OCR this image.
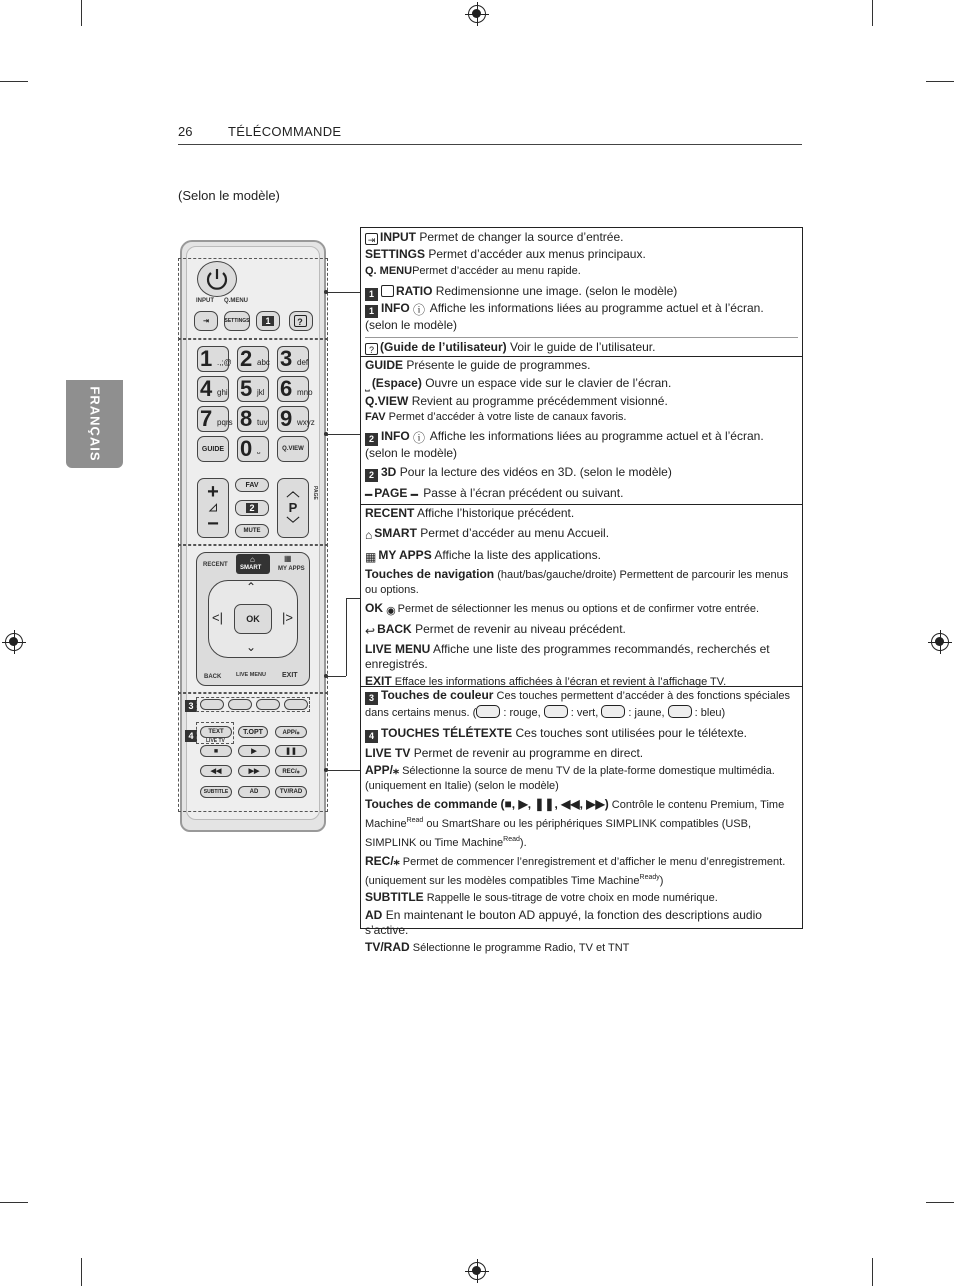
26	TÉLÉCOMMANDE
FRANÇAIS
(Selon le modèle)
INPUT Q.MENU
⇥	SETTINGS	1	?
1 .,;@ 2 abc 3 def
4 ghi 5 jkl 6 mno
7 pqrs 8 tuv 9 wxyz
GUIDE 0 ⎵	Q.VIEW
+
◿
−
FAV
2
MUTE
︿
P
﹀
PAGE
RECENT
⌂
SMART	MY APPS
▦
⌃
⌄
<|	|>
OK
BACK	LIVE MENU EXIT
3
4	TEXT
LIVE TV
T.OPT	APP/⁎
■	▶	❚❚
◀◀	▶▶	REC/⁎
SUBTITLE	AD	TV/RAD

⇥ INPUT Permet de changer la source d’entrée.

SETTINGS Permet d’accéder aux menus principaux.

Q. MENUPermet d’accéder au menu rapide.

1 RATIO Redimensionne une image. (selon le modèle)

1 INFO ⓘ Affiche les informations liées au programme actuel et à l’écran. (selon le modèle)

? (Guide de l’utilisateur) Voir le guide de l’utilisateur.

GUIDE Présente le guide de programmes.

⎵ (Espace) Ouvre un espace vide sur le clavier de l’écran.

Q.VIEW Revient au programme précédemment visionné.

FAV Permet d’accéder à votre liste de canaux favoris.

2 INFO ⓘ Affiche les informations liées au programme actuel et à l’écran. (selon le modèle)

2 3D Pour la lecture des vidéos en 3D. (selon le modèle)

━ PAGE ━ Passe à l’écran précédent ou suivant.

RECENT Affiche l’historique précédent.

⌂ SMART Permet d’accéder au menu Accueil.

▦ MY APPS Affiche la liste des applications.

Touches de navigation (haut/bas/gauche/droite) Permettent de parcourir les menus ou options.

OK ◉ Permet de sélectionner les menus ou options et de confirmer votre entrée.

↩ BACK Permet de revenir au niveau précédent.

LIVE MENU Affiche une liste des programmes recommandés, recherchés et enregistrés.

EXIT Efface les informations affichées à l’écran et revient à l’affichage TV.

3 Touches de couleur Ces touches permettent d’accéder à des fonctions spéciales dans certains menus. ( : rouge,	: vert,	: jaune,	: bleu)

4 TOUCHES TÉLÉTEXTE Ces touches sont utilisées pour le télétexte.

LIVE TV Permet de revenir au programme en direct.

APP/⁎ Sélectionne la source de menu TV de la plate-forme domestique multimédia. (uniquement en Italie) (selon le modèle)

Touches de commande (■, ▶, ❚❚, ◀◀, ▶▶) Contrôle le contenu Premium, Time Machine$^{Read}$ ou SmartShare ou les périphériques SIMPLINK compatibles (USB, SIMPLINK ou Time Machine$^{Read}$).

REC/⁎ Permet de commencer l’enregistrement et d’afficher le menu d’enregistrement.(uniquement sur les modèles compatibles Time Machine$^{Ready}$)

SUBTITLE Rappelle le sous-titrage de votre choix en mode numérique.

AD En maintenant le bouton AD appuyé, la fonction des descriptions audio s’active.

TV/RAD Sélectionne le programme Radio, TV et TNT
